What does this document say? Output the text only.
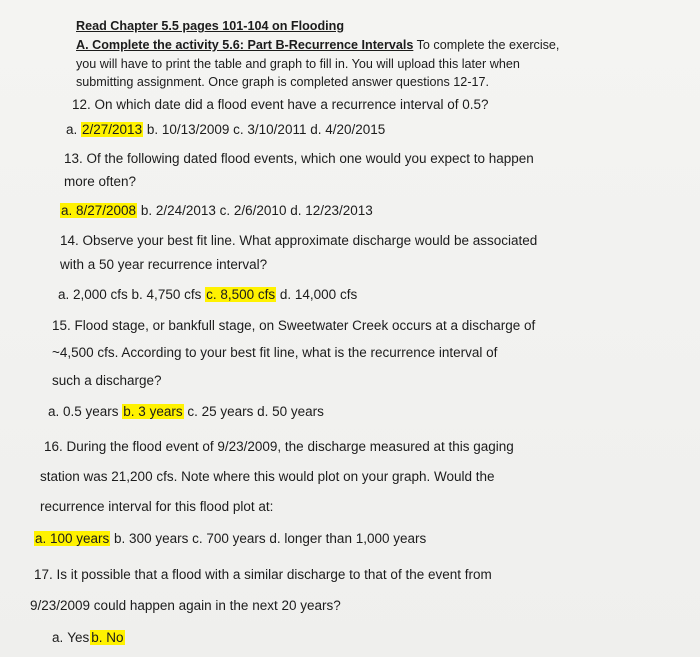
Read Chapter 5.5 pages 101-104 on Flooding
A. Complete the activity 5.6: Part B-Recurrence Intervals To complete the exercise,
you will have to print the table and graph to fill in. You will upload this later when
submitting assignment. Once graph is completed answer questions 12-17.
12. On which date did a flood event have a recurrence interval of 0.5?
a. 2/27/2013 b. 10/13/2009 c. 3/10/2011 d. 4/20/2015
13. Of the following dated flood events, which one would you expect to happen
more often?
a. 8/27/2008 b. 2/24/2013 c. 2/6/2010 d. 12/23/2013
14. Observe your best fit line. What approximate discharge would be associated
with a 50 year recurrence interval?
a. 2,000 cfs b. 4,750 cfs c. 8,500 cfs d. 14,000 cfs
15. Flood stage, or bankfull stage, on Sweetwater Creek occurs at a discharge of
~4,500 cfs. According to your best fit line, what is the recurrence interval of
such a discharge?
a. 0.5 years b. 3 years c. 25 years d. 50 years
16. During the flood event of 9/23/2009, the discharge measured at this gaging
station was 21,200 cfs. Note where this would plot on your graph. Would the
recurrence interval for this flood plot at:
a. 100 years b. 300 years c. 700 years d. longer than 1,000 years
17. Is it possible that a flood with a similar discharge to that of the event from
9/23/2009 could happen again in the next 20 years?
a. Yes b. No
